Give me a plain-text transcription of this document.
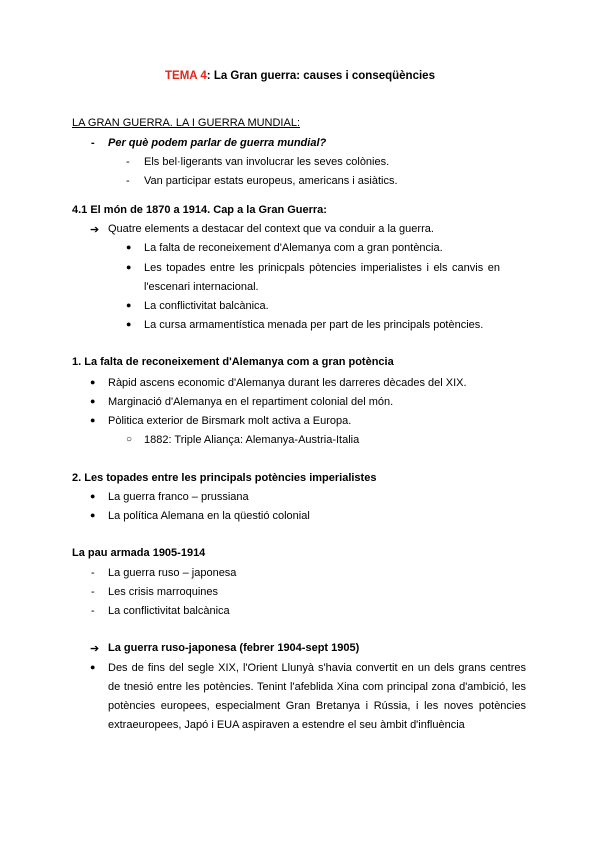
TEMA 4: La Gran guerra: causes i conseqüències
LA GRAN GUERRA. LA I GUERRA MUNDIAL:
- Per què podem parlar de guerra mundial?
- Els bel·ligerants van involucrar les seves colònies.
- Van participar estats europeus, americans i asiàtics.
4.1 El món de 1870 a 1914. Cap a la Gran Guerra:
➔ Quatre elements a destacar del context que va conduir a la guerra.
● La falta de reconeixement d'Alemanya com a gran pontència.
● Les topades entre les prinicpals pòtencies imperialistes i els canvis en
l'escenari internacional.
● La conflictivitat balcànica.
● La cursa armamentística menada per part de les principals potències.
1. La falta de reconeixement d'Alemanya com a gran potència
● Ràpid ascens economic d'Alemanya durant les darreres dècades del XIX.
● Marginació d'Alemanya en el repartiment colonial del món.
● Pòlitica exterior de Birsmark molt activa a Europa.
○ 1882: Triple Aliança: Alemanya-Austria-Italia
2. Les topades entre les principals potències imperialistes
● La guerra franco – prussiana
● La política Alemana en la qüestió colonial
La pau armada 1905-1914
- La guerra ruso – japonesa
- Les crisis marroquines
- La conflictivitat balcànica
➔ La guerra ruso-japonesa (febrer 1904-sept 1905)
● Des de fins del segle XIX, l'Orient Llunyà s'havia convertit en un dels grans centres
de tnesió entre les potències. Tenint l'afeblida Xina com principal zona d'ambició, les
potències europees, especialment Gran Bretanya i Rússia, i les noves potències
extraeuropees, Japó i EUA aspiraven a estendre el seu àmbit d'influència
